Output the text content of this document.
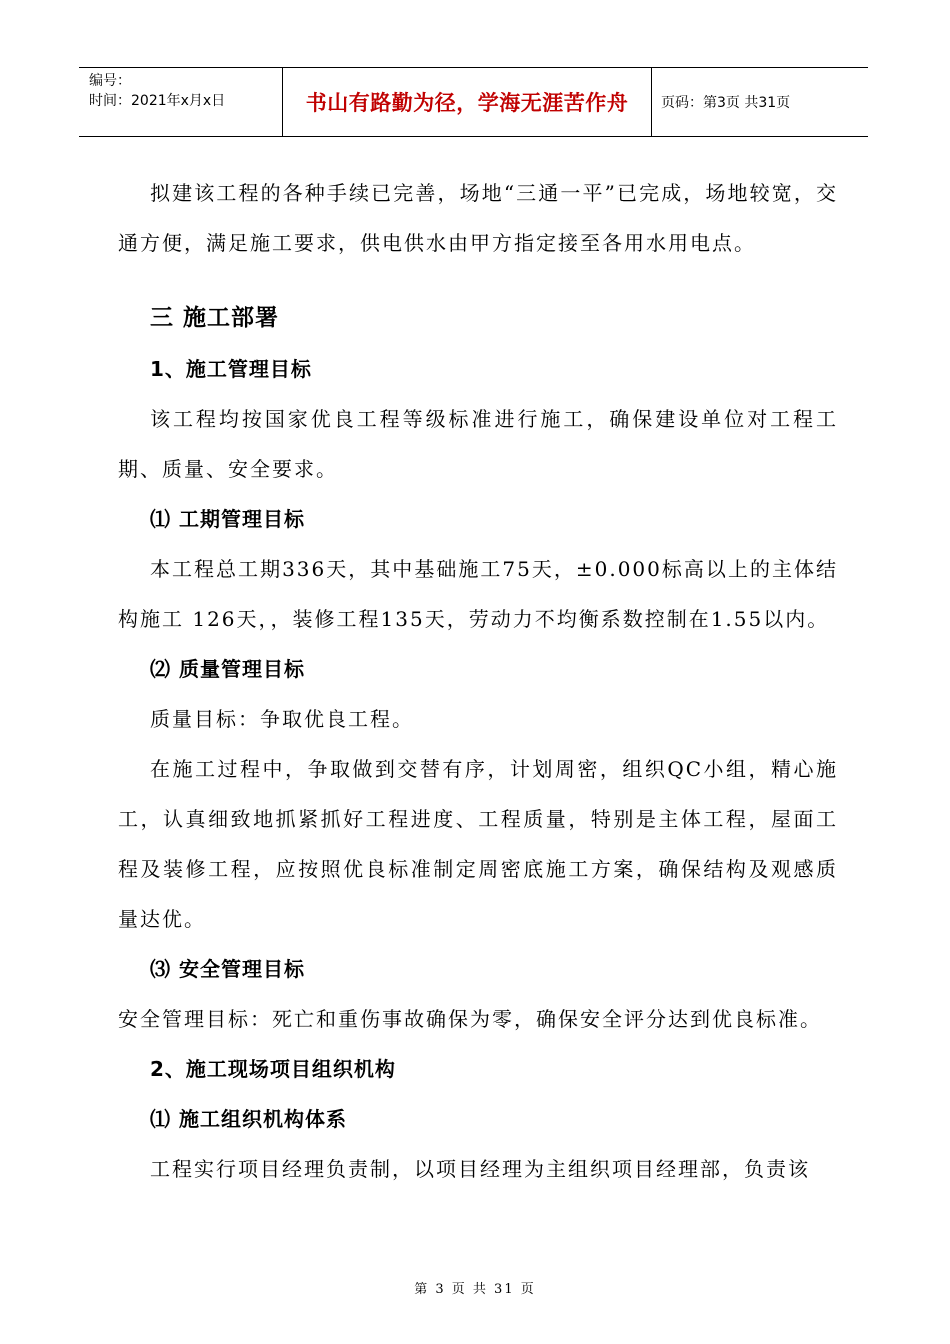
编号：
时间：2021年x月x日	书山有路勤为径，学海无涯苦作舟	页码：第3页 共31页

拟建该工程的各种手续已完善，场地“三通一平”已完成，场地较宽，交通方便，满足施工要求，供电供水由甲方指定接至各用水用电点。

三 施工部署
1、施工管理目标

该工程均按国家优良工程等级标准进行施工，确保建设单位对工程工期、质量、安全要求。

⑴ 工期管理目标

本工程总工期336天，其中基础施工75天，±0.000标高以上的主体结构施工 126天，，装修工程135天，劳动力不均衡系数控制在1.55以内。

⑵ 质量管理目标

质量目标：争取优良工程。

在施工过程中，争取做到交替有序，计划周密，组织QC小组，精心施工，认真细致地抓紧抓好工程进度、工程质量，特别是主体工程，屋面工程及装修工程，应按照优良标准制定周密底施工方案，确保结构及观感质量达优。

⑶ 安全管理目标

安全管理目标：死亡和重伤事故确保为零，确保安全评分达到优良标准。

2、施工现场项目组织机构
⑴ 施工组织机构体系

工程实行项目经理负责制，以项目经理为主组织项目经理部，负责该

第 3 页 共 31 页
